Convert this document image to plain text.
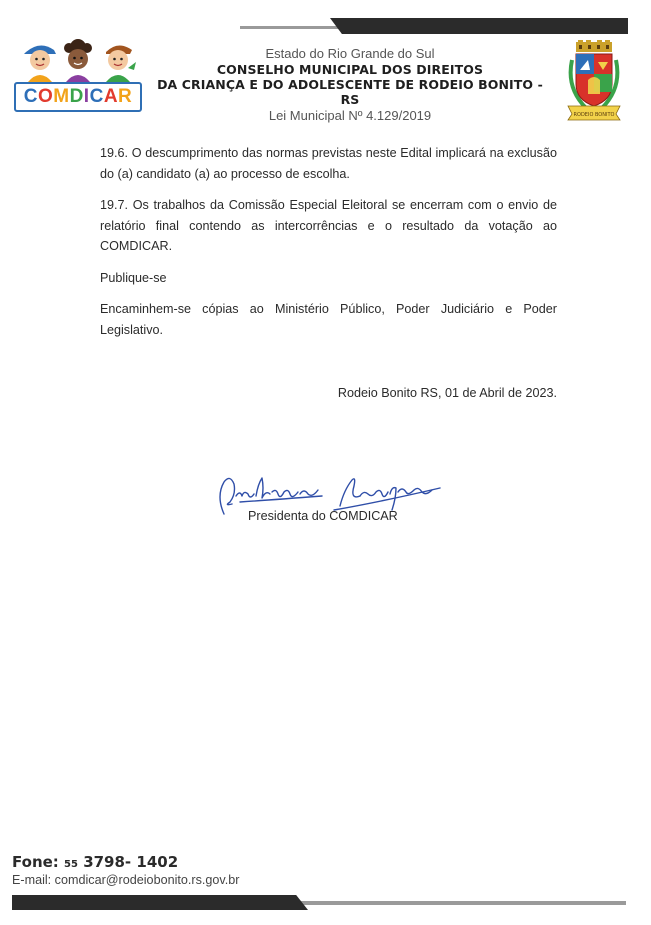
C O M D I C A R
Estado do Rio Grande do Sul
CONSELHO MUNICIPAL DOS DIREITOS
DA CRIANÇA E DO ADOLESCENTE DE RODEIO BONITO - RS
Lei Municipal Nº 4.129/2019	RODEIO BONITO

19.6. O descumprimento das normas previstas neste Edital implicará na exclusão do (a) candidato (a) ao processo de escolha.

19.7. Os trabalhos da Comissão Especial Eleitoral se encerram com o envio de relatório final contendo as intercorrências e o resultado da votação ao COMDICAR.

Publique-se

Encaminhem-se cópias ao Ministério Público, Poder Judiciário e Poder Legislativo.

Rodeio Bonito RS, 01 de Abril de 2023.
Presidenta do COMDICAR
Fone: 55 3798- 1402
E-mail: comdicar@rodeiobonito.rs.gov.br
